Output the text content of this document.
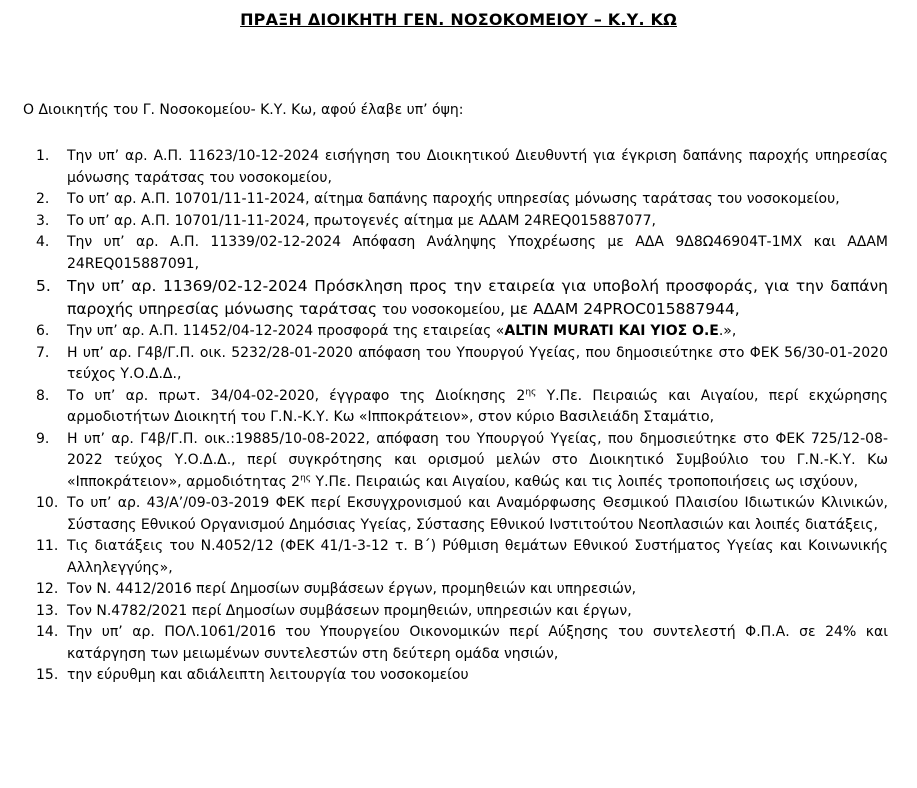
ΠΡΑΞΗ ΔΙΟΙΚΗΤΗ ΓΕΝ. ΝΟΣΟΚΟΜΕΙΟΥ – Κ.Υ. ΚΩ
Ο Διοικητής του Γ. Νοσοκομείου- Κ.Υ. Κω, αφού έλαβε υπ’ όψη:
1.	Την υπ’ αρ. Α.Π. 11623/10-12-2024 εισήγηση του Διοικητικού Διευθυντή για έγκριση δαπάνης παροχής υπηρεσίας μόνωσης ταράτσας του νοσοκομείου,
2.	Το υπ’ αρ. Α.Π. 10701/11-11-2024, αίτημα δαπάνης παροχής υπηρεσίας μόνωσης ταράτσας του νοσοκομείου,
3.	Το υπ’ αρ. Α.Π. 10701/11-11-2024, πρωτογενές αίτημα με ΑΔΑΜ 24REQ015887077,
4.	Την υπ’ αρ. Α.Π. 11339/02-12-2024 Απόφαση Ανάληψης Υποχρέωσης με ΑΔΑ 9Δ8Ω46904Τ-1ΜΧ και ΑΔΑΜ 24REQ015887091,
5.	Την υπ’ αρ. 11369/02-12-2024 Πρόσκληση προς την εταιρεία για υποβολή προσφοράς, για την δαπάνη παροχής υπηρεσίας μόνωσης ταράτσας του νοσοκομείου, με ΑΔΑΜ 24PROC015887944,
6.	Την υπ’ αρ. Α.Π. 11452/04-12-2024 προσφορά της εταιρείας «ALTIN MURATI ΚΑΙ ΥΙΟΣ Ο.Ε.»,
7.	Η υπ’ αρ. Γ4β/Γ.Π. οικ. 5232/28-01-2020 απόφαση του Υπουργού Υγείας, που δημοσιεύτηκε στο ΦΕΚ 56/30-01-2020 τεύχος Υ.Ο.Δ.Δ.,
8.	Το υπ’ αρ. πρωτ. 34/04-02-2020, έγγραφο της Διοίκησης $2^{\eta\varsigma}$ Υ.Πε. Πειραιώς και Αιγαίου, περί εκχώρησης αρμοδιοτήτων Διοικητή του Γ.Ν.-Κ.Υ. Κω «Ιπποκράτειον», στον κύριο Βασιλειάδη Σταμάτιο,
9.	Η υπ’ αρ. Γ4β/Γ.Π. οικ.:19885/10-08-2022, απόφαση του Υπουργού Υγείας, που δημοσιεύτηκε στο ΦΕΚ 725/12-08-2022 τεύχος Υ.Ο.Δ.Δ., περί συγκρότησης και ορισμού μελών στο Διοικητικό Συμβούλιο του Γ.Ν.-Κ.Υ. Κω «Ιπποκράτειον», αρμοδιότητας $2^{\eta\varsigma}$ Υ.Πε. Πειραιώς και Αιγαίου, καθώς και τις λοιπές τροποποιήσεις ως ισχύουν,
10. Το υπ’ αρ. 43/Α’/09-03-2019 ΦΕΚ περί Εκσυγχρονισμού και Αναμόρφωσης Θεσμικού Πλαισίου Ιδιωτικών Κλινικών, Σύστασης Εθνικού Οργανισμού Δημόσιας Υγείας, Σύστασης Εθνικού Ινστιτούτου Νεοπλασιών και λοιπές διατάξεις,
11. Τις διατάξεις του Ν.4052/12 (ΦΕΚ 41/1-3-12 τ. Β΄) Ρύθμιση θεμάτων Εθνικού Συστήματος Υγείας και Κοινωνικής Αλληλεγγύης»,
12. Τον Ν. 4412/2016 περί Δημοσίων συμβάσεων έργων, προμηθειών και υπηρεσιών,
13. Τον Ν.4782/2021 περί Δημοσίων συμβάσεων προμηθειών, υπηρεσιών και έργων,
14. Την υπ’ αρ. ΠΟΛ.1061/2016 του Υπουργείου Οικονομικών περί Αύξησης του συντελεστή Φ.Π.Α. σε 24% και κατάργηση των μειωμένων συντελεστών στη δεύτερη ομάδα νησιών,
15. την εύρυθμη και αδιάλειπτη λειτουργία του νοσοκομείου
